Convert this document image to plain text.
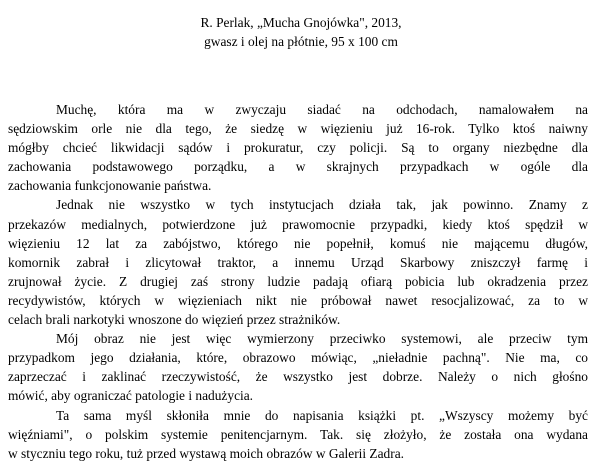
R. Perlak, „Mucha Gnojówka", 2013,
gwasz i olej na płótnie, 95 x 100 cm
Muchę, która ma w zwyczaju siadać na odchodach, namalowałem na
sędziowskim orle nie dla tego, że siedzę w więzieniu już 16-rok. Tylko ktoś naiwny
mógłby chcieć likwidacji sądów i prokuratur, czy policji. Są to organy niezbędne dla
zachowania podstawowego porządku, a w skrajnych przypadkach w ogóle dla
zachowania funkcjonowanie państwa.
Jednak nie wszystko w tych instytucjach działa tak, jak powinno. Znamy z
przekazów medialnych, potwierdzone już prawomocnie przypadki, kiedy ktoś spędził w
więzieniu 12 lat za zabójstwo, którego nie popełnił, komuś nie mającemu długów,
komornik zabrał i zlicytował traktor, a innemu Urząd Skarbowy zniszczył farmę i
zrujnował życie. Z drugiej zaś strony ludzie padają ofiarą pobicia lub okradzenia przez
recydywistów, których w więzieniach nikt nie próbował nawet resocjalizować, za to w
celach brali narkotyki wnoszone do więzień przez strażników.
Mój obraz nie jest więc wymierzony przeciwko systemowi, ale przeciw tym
przypadkom jego działania, które, obrazowo mówiąc, „nieładnie pachną". Nie ma, co
zaprzeczać i zaklinać rzeczywistość, że wszystko jest dobrze. Należy o nich głośno
mówić, aby ograniczać patologie i nadużycia.
Ta sama myśl skłoniła mnie do napisania książki pt. „Wszyscy możemy być
więźniami", o polskim systemie penitencjarnym. Tak. się złożyło, że została ona wydana
w styczniu tego roku, tuż przed wystawą moich obrazów w Galerii Zadra.
